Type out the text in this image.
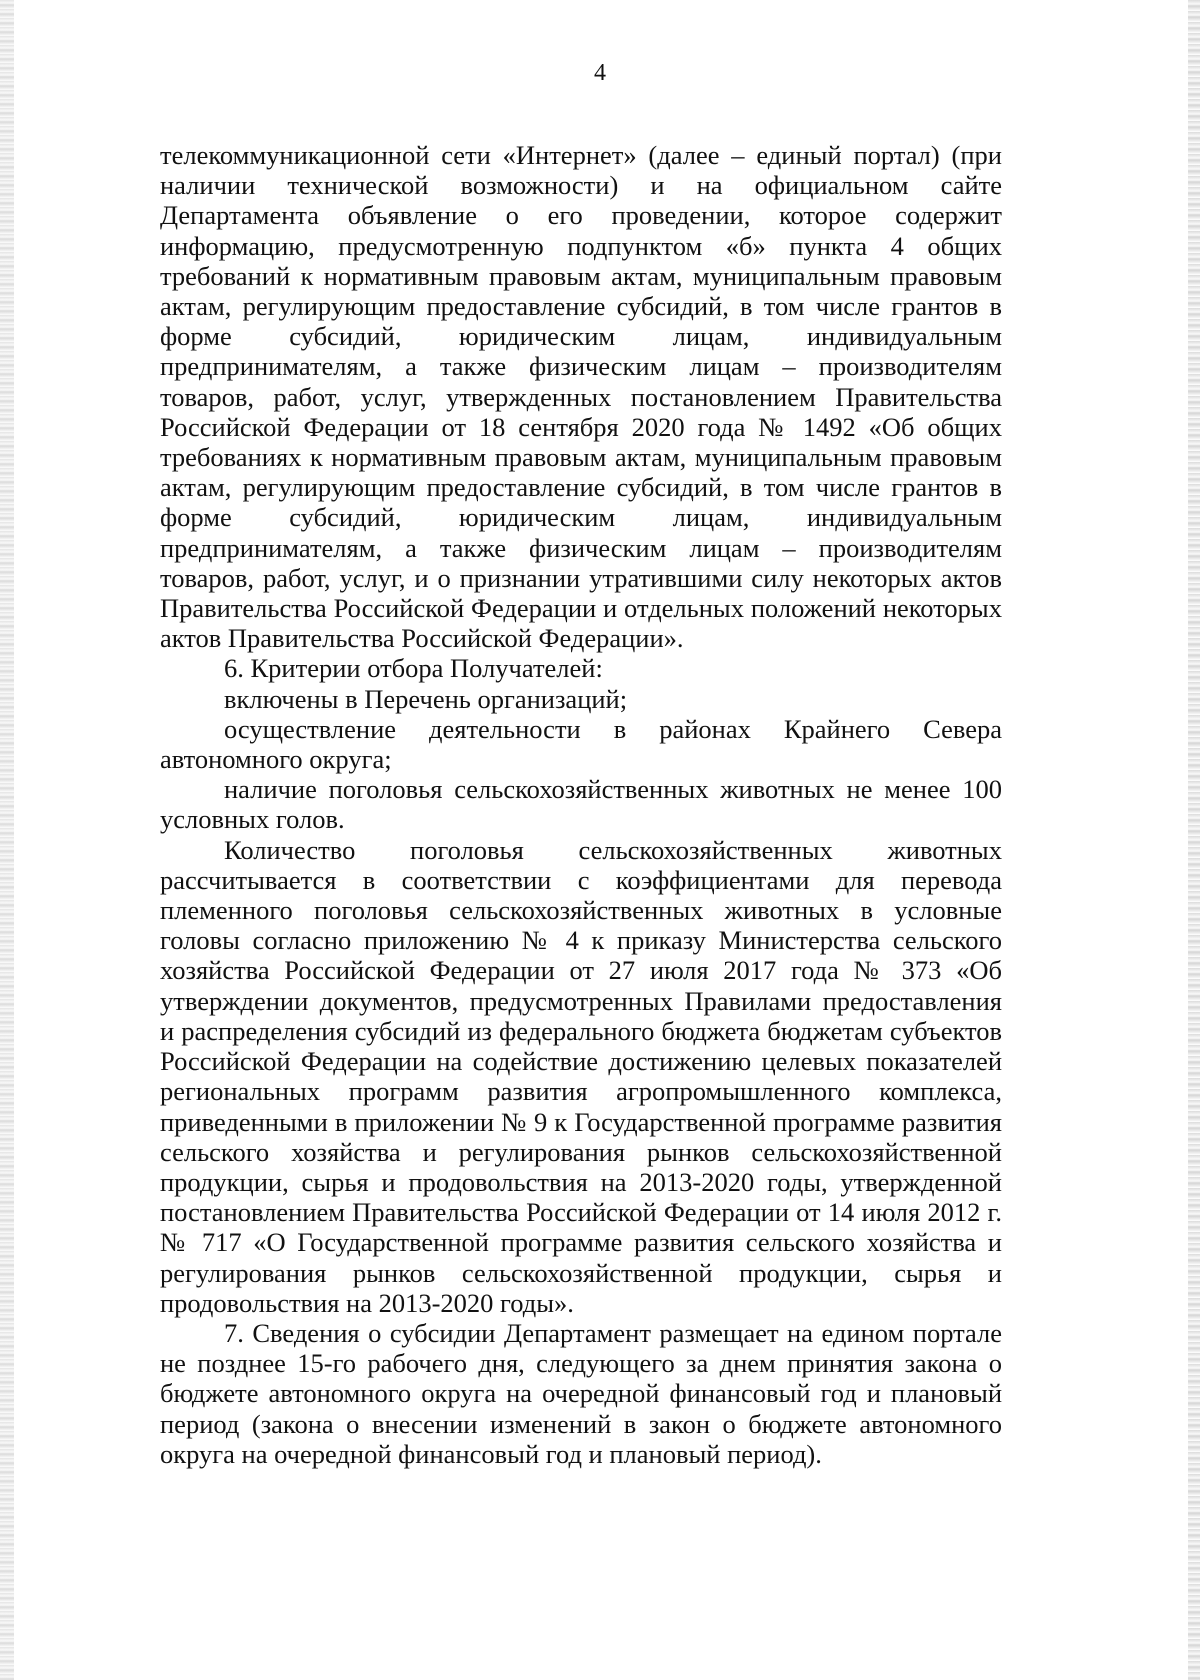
4

телекоммуникационной сети «Интернет» (далее – единый портал) (при наличии технической возможности) и на официальном сайте Департамента объявление о его проведении, которое содержит информацию, предусмотренную подпунктом «б» пункта 4 общих требований к нормативным правовым актам, муниципальным правовым актам, регулирующим предоставление субсидий, в том числе грантов в форме субсидий, юридическим лицам, индивидуальным предпринимателям, а также физическим лицам – производителям товаров, работ, услуг, утвержденных постановлением Правительства Российской Федерации от 18 сентября 2020 года № 1492 «Об общих требованиях к нормативным правовым актам, муниципальным правовым актам, регулирующим предоставление субсидий, в том числе грантов в форме субсидий, юридическим лицам, индивидуальным предпринимателям, а также физическим лицам – производителям товаров, работ, услуг, и о признании утратившими силу некоторых актов Правительства Российской Федерации и отдельных положений некоторых актов Правительства Российской Федерации».

6. Критерии отбора Получателей:

включены в Перечень организаций;

осуществление деятельности в районах Крайнего Севера автономного округа;

наличие поголовья сельскохозяйственных животных не менее 100 условных голов.

Количество поголовья сельскохозяйственных животных рассчитывается в соответствии с коэффициентами для перевода племенного поголовья сельскохозяйственных животных в условные головы согласно приложению № 4 к приказу Министерства сельского хозяйства Российской Федерации от 27 июля 2017 года № 373 «Об утверждении документов, предусмотренных Правилами предоставления и распределения субсидий из федерального бюджета бюджетам субъектов Российской Федерации на содействие достижению целевых показателей региональных программ развития агропромышленного комплекса, приведенными в приложении № 9 к Государственной программе развития сельского хозяйства и регулирования рынков сельскохозяйственной продукции, сырья и продовольствия на 2013-2020 годы, утвержденной постановлением Правительства Российской Федерации от 14 июля 2012 г. № 717 «О Государственной программе развития сельского хозяйства и регулирования рынков сельскохозяйственной продукции, сырья и продовольствия на 2013-2020 годы».

7. Сведения о субсидии Департамент размещает на едином портале не позднее 15-го рабочего дня, следующего за днем принятия закона о бюджете автономного округа на очередной финансовый год и плановый период (закона о внесении изменений в закон о бюджете автономного округа на очередной финансовый год и плановый период).
